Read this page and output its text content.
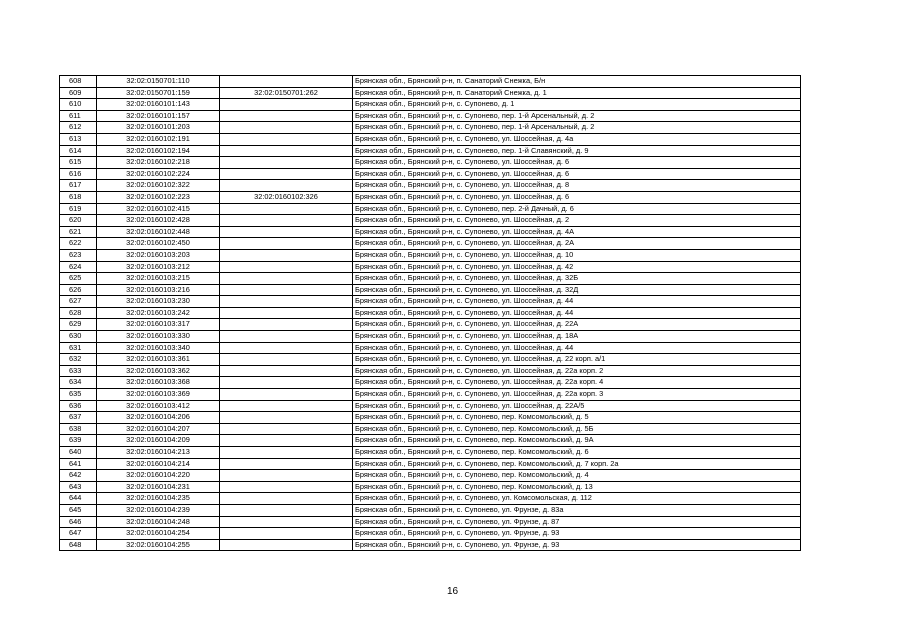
608	32:02:0150701:110		Брянская обл., Брянский р-н, п. Санаторий Снежка, Б/н
609	32:02:0150701:159	32:02:0150701:262	Брянская обл., Брянский р-н, п. Санаторий Снежка, д. 1
610	32:02:0160101:143		Брянская обл., Брянский р-н, с. Супонево, д. 1
611	32:02:0160101:157		Брянская обл., Брянский р-н, с. Супонево, пер. 1-й Арсенальный, д. 2
612	32:02:0160101:203		Брянская обл., Брянский р-н, с. Супонево, пер. 1-й Арсенальный, д. 2
613	32:02:0160102:191		Брянская обл., Брянский р-н, с. Супонево, ул. Шоссейная, д. 4а
614	32:02:0160102:194		Брянская обл., Брянский р-н, с. Супонево, пер. 1-й Славянский, д. 9
615	32:02:0160102:218		Брянская обл., Брянский р-н, с. Супонево, ул. Шоссейная, д. 6
616	32:02:0160102:224		Брянская обл., Брянский р-н, с. Супонево, ул. Шоссейная, д. 6
617	32:02:0160102:322		Брянская обл., Брянский р-н, с. Супонево, ул. Шоссейная, д. 8
618	32:02:0160102:223	32:02:0160102:326	Брянская обл., Брянский р-н, с. Супонево, ул. Шоссейная, д. 6
619	32:02:0160102:415		Брянская обл., Брянский р-н, с. Супонево, пер. 2-й Дачный, д. 6
620	32:02:0160102:428		Брянская обл., Брянский р-н, с. Супонево, ул. Шоссейная, д. 2
621	32:02:0160102:448		Брянская обл., Брянский р-н, с. Супонево, ул. Шоссейная, д. 4А
622	32:02:0160102:450		Брянская обл., Брянский р-н, с. Супонево, ул. Шоссейная, д. 2А
623	32:02:0160103:203		Брянская обл., Брянский р-н, с. Супонево, ул. Шоссейная, д. 10
624	32:02:0160103:212		Брянская обл., Брянский р-н, с. Супонево, ул. Шоссейная, д. 42
625	32:02:0160103:215		Брянская обл., Брянский р-н, с. Супонево, ул. Шоссейная, д. 32Б
626	32:02:0160103:216		Брянская обл., Брянский р-н, с. Супонево, ул. Шоссейная, д. 32Д
627	32:02:0160103:230		Брянская обл., Брянский р-н, с. Супонево, ул. Шоссейная, д. 44
628	32:02:0160103:242		Брянская обл., Брянский р-н, с. Супонево, ул. Шоссейная, д. 44
629	32:02:0160103:317		Брянская обл., Брянский р-н, с. Супонево, ул. Шоссейная, д. 22А
630	32:02:0160103:330		Брянская обл., Брянский р-н, с. Супонево, ул. Шоссейная, д. 18А
631	32:02:0160103:340		Брянская обл., Брянский р-н, с. Супонево, ул. Шоссейная, д. 44
632	32:02:0160103:361		Брянская обл., Брянский р-н, с. Супонево, ул. Шоссейная, д. 22 корп. а/1
633	32:02:0160103:362		Брянская обл., Брянский р-н, с. Супонево, ул. Шоссейная, д. 22а корп. 2
634	32:02:0160103:368		Брянская обл., Брянский р-н, с. Супонево, ул. Шоссейная, д. 22а корп. 4
635	32:02:0160103:369		Брянская обл., Брянский р-н, с. Супонево, ул. Шоссейная, д. 22а корп. 3
636	32:02:0160103:412		Брянская обл., Брянский р-н, с. Супонево, ул. Шоссейная, д. 22А/5
637	32:02:0160104:206		Брянская обл., Брянский р-н, с. Супонево, пер. Комсомольский, д. 5
638	32:02:0160104:207		Брянская обл., Брянский р-н, с. Супонево, пер. Комсомольский, д. 5Б
639	32:02:0160104:209		Брянская обл., Брянский р-н, с. Супонево, пер. Комсомольский, д. 9А
640	32:02:0160104:213		Брянская обл., Брянский р-н, с. Супонево, пер. Комсомольский, д. 6
641	32:02:0160104:214		Брянская обл., Брянский р-н, с. Супонево, пер. Комсомольский, д. 7 корп. 2а
642	32:02:0160104:220		Брянская обл., Брянский р-н, с. Супонево, пер. Комсомольский, д. 4
643	32:02:0160104:231		Брянская обл., Брянский р-н, с. Супонево, пер. Комсомольский, д. 13
644	32:02:0160104:235		Брянская обл., Брянский р-н, с. Супонево, ул. Комсомольская, д. 112
645	32:02:0160104:239		Брянская обл., Брянский р-н, с. Супонево, ул. Фрунзе, д. 83а
646	32:02:0160104:248		Брянская обл., Брянский р-н, с. Супонево, ул. Фрунзе, д. 87
647	32:02:0160104:254		Брянская обл., Брянский р-н, с. Супонево, ул. Фрунзе, д. 93
648	32:02:0160104:255		Брянская обл., Брянский р-н, с. Супонево, ул. Фрунзе, д. 93
16
